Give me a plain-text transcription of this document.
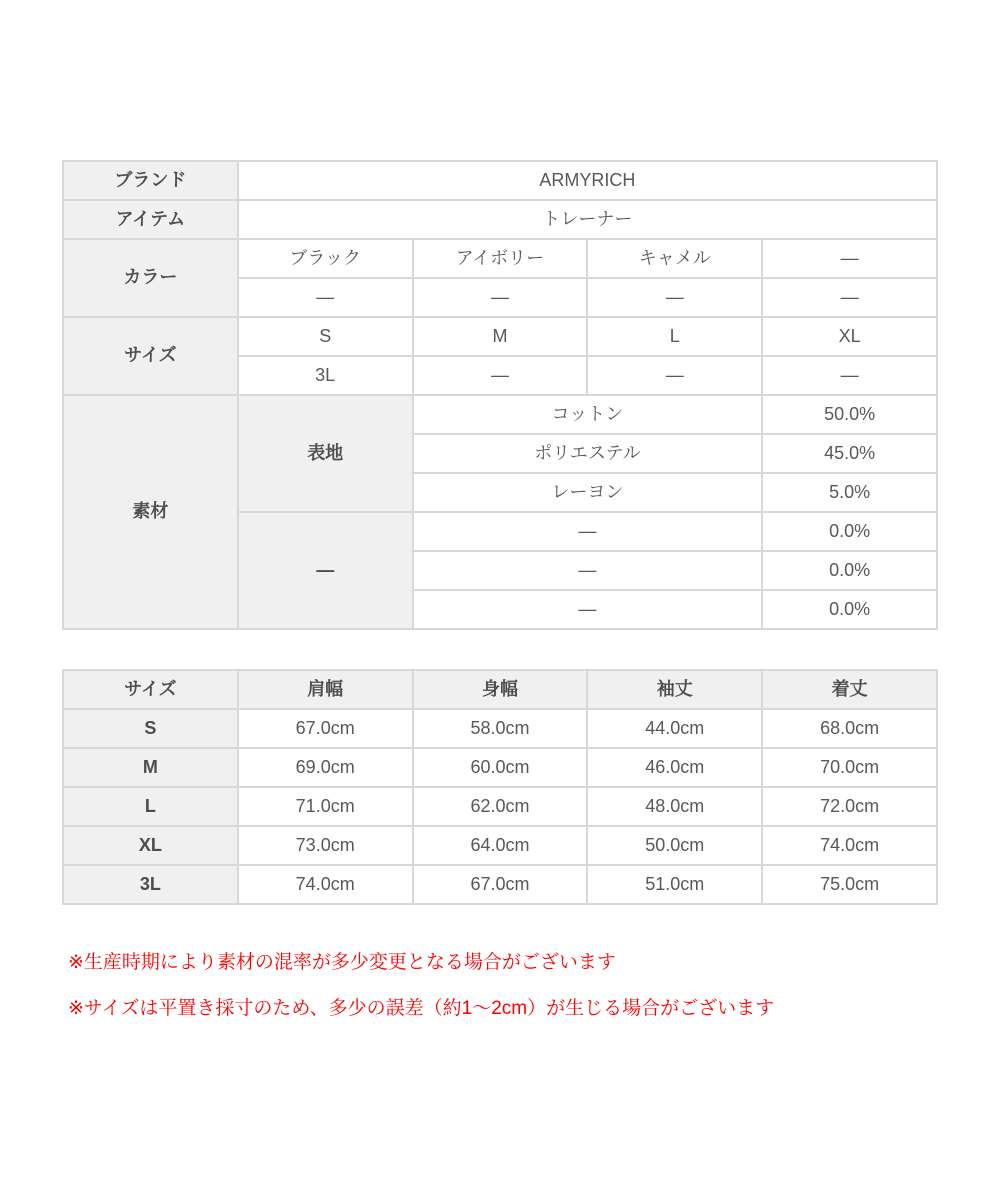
ブランド	ARMYRICH			
アイテム	トレーナー			
カラー	ブラック	アイボリー	キャメル	—
	—	—	—	—
サイズ	S	M	L	XL
	3L	—	—	—
素材	表地	コットン		50.0%
		ポリエステル		45.0%
		レーヨン		5.0%
	—	—		0.0%
		—		0.0%
		—		0.0%
サイズ	肩幅	身幅	袖丈	着丈
S	67.0cm	58.0cm	44.0cm	68.0cm
M	69.0cm	60.0cm	46.0cm	70.0cm
L	71.0cm	62.0cm	48.0cm	72.0cm
XL	73.0cm	64.0cm	50.0cm	74.0cm
3L	74.0cm	67.0cm	51.0cm	75.0cm

※生産時期により素材の混率が多少変更となる場合がございます

※サイズは平置き採寸のため、多少の誤差（約1〜2cm）が生じる場合がございます
